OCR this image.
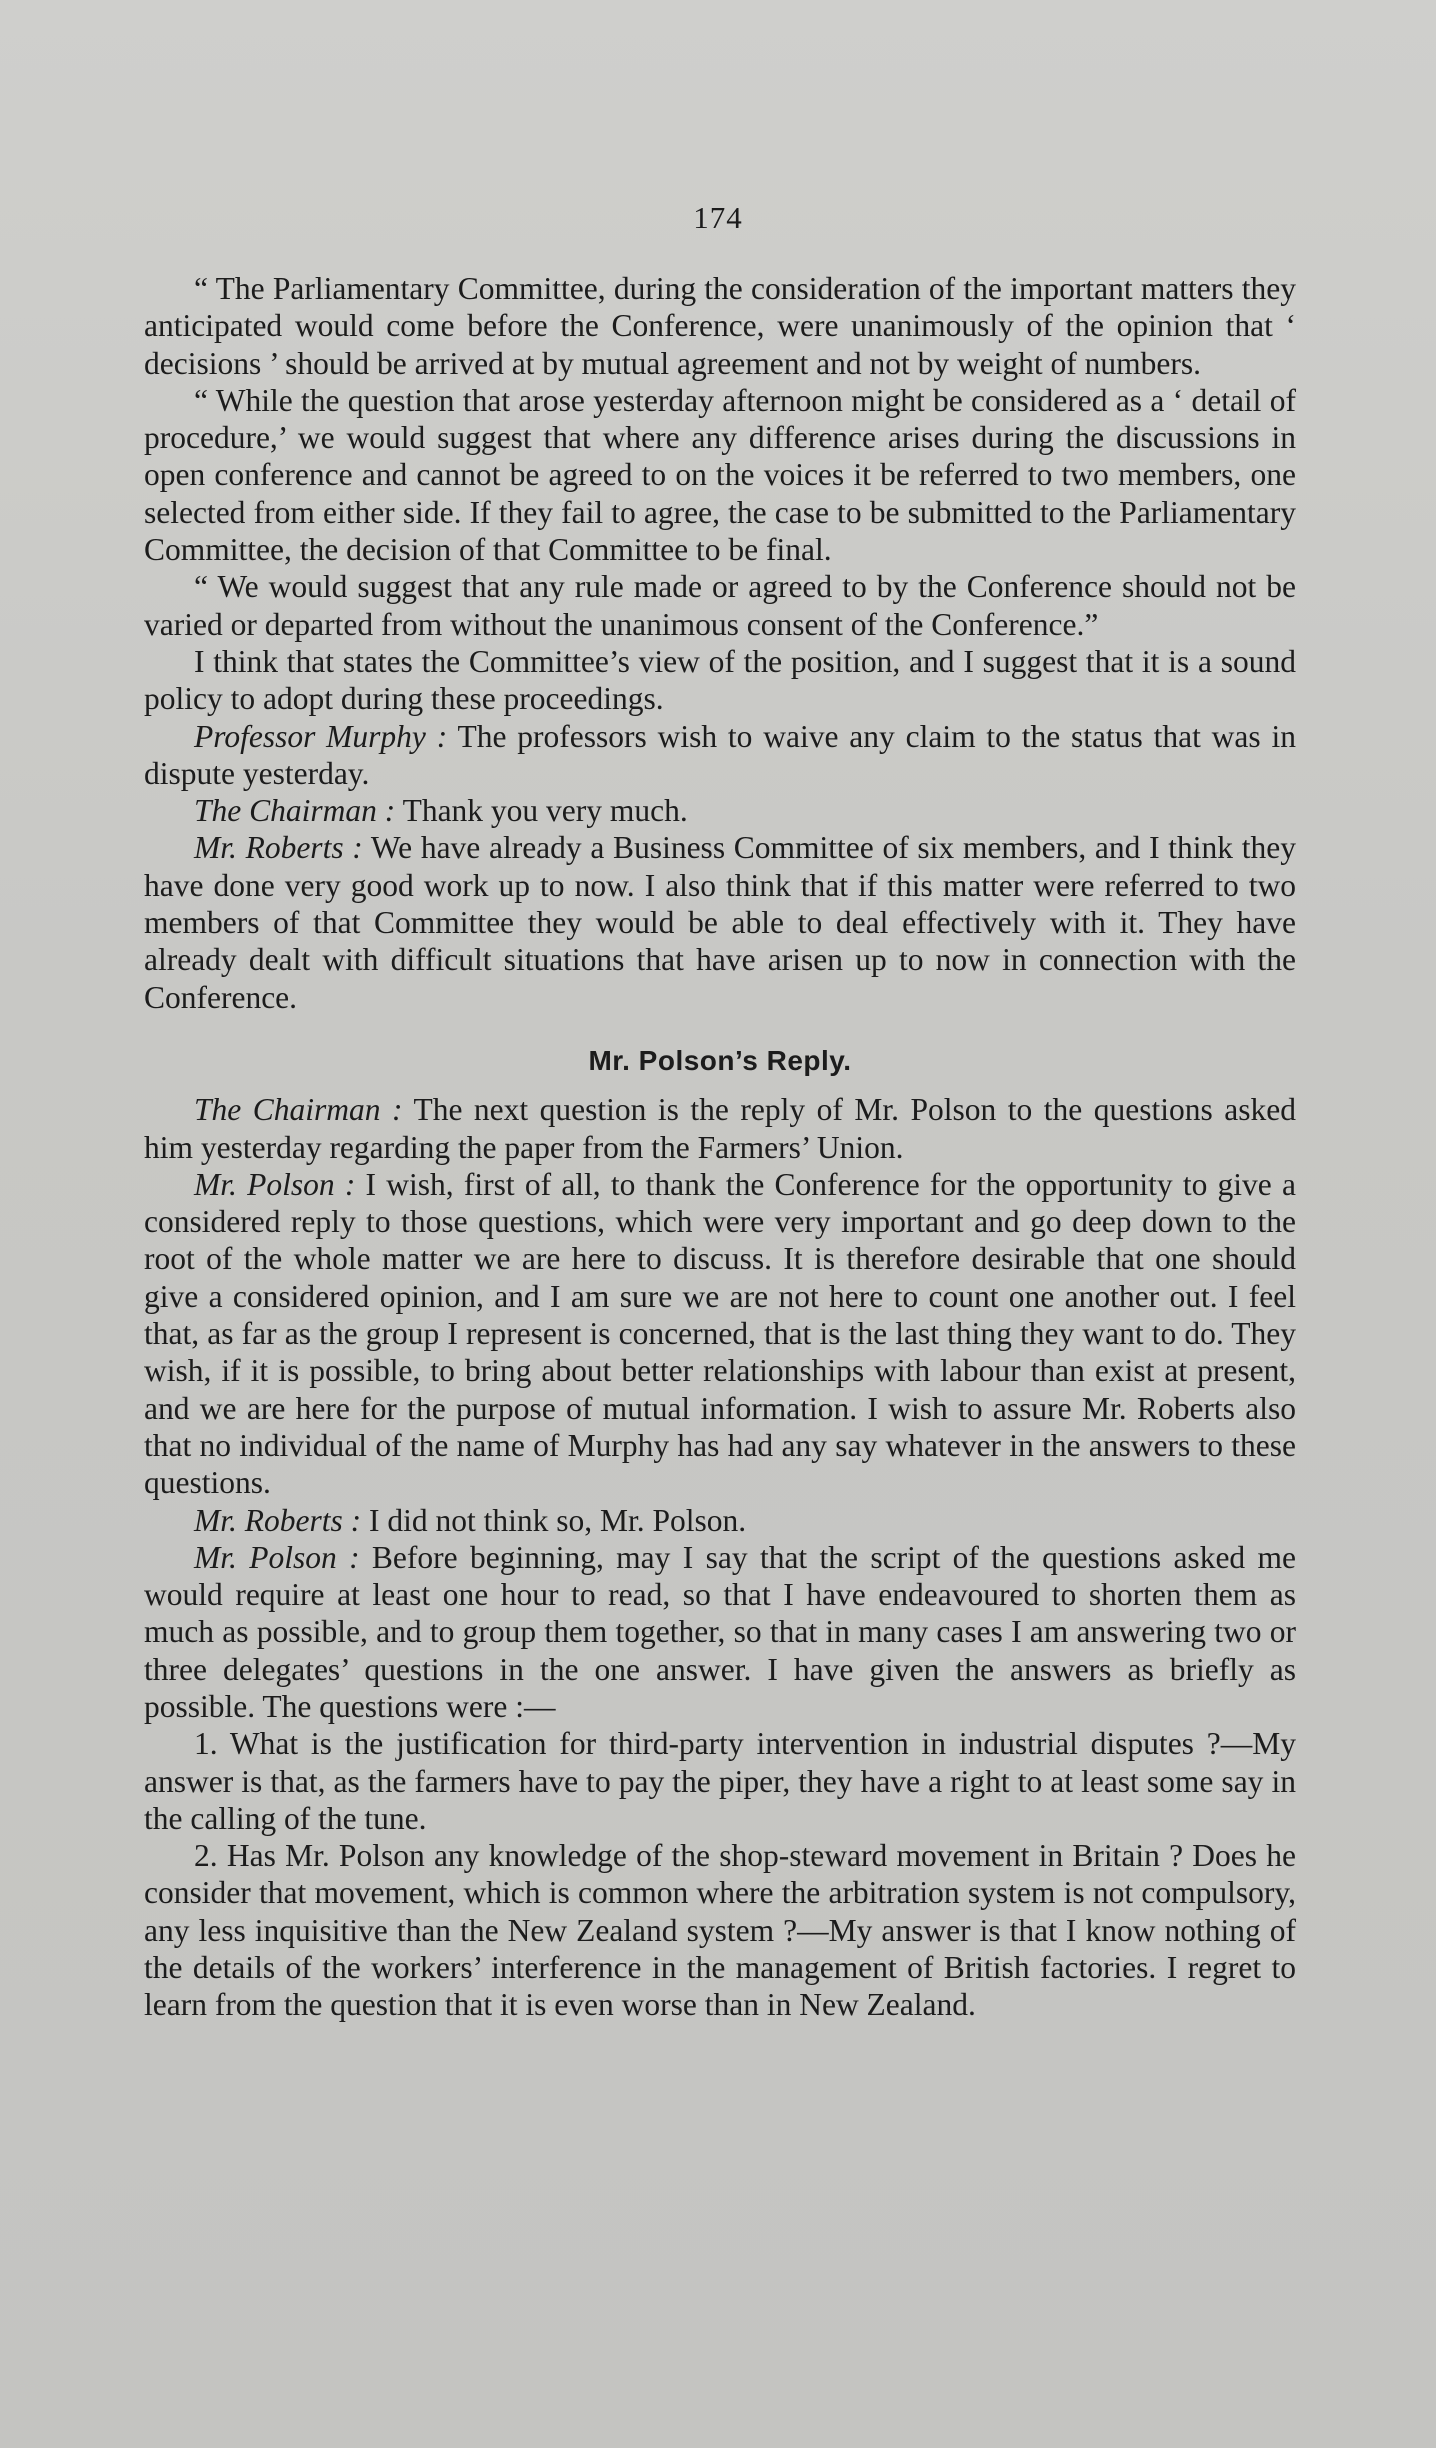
174

“ The Parliamentary Committee, during the consideration of the important matters they anticipated would come before the Conference, were unanimously of the opinion that ‘ decisions ’ should be arrived at by mutual agreement and not by weight of numbers.

“ While the question that arose yesterday afternoon might be considered as a ‘ detail of procedure,’ we would suggest that where any difference arises during the discussions in open conference and cannot be agreed to on the voices it be referred to two members, one selected from either side. If they fail to agree, the case to be submitted to the Parliamentary Committee, the decision of that Committee to be final.

“ We would suggest that any rule made or agreed to by the Conference should not be varied or departed from without the unanimous consent of the Conference.”

I think that states the Committee’s view of the position, and I suggest that it is a sound policy to adopt during these proceedings.

Professor Murphy : The professors wish to waive any claim to the status that was in dispute yesterday.

The Chairman : Thank you very much.

Mr. Roberts : We have already a Business Committee of six members, and I think they have done very good work up to now. I also think that if this matter were referred to two members of that Committee they would be able to deal effectively with it. They have already dealt with difficult situations that have arisen up to now in connection with the Conference.

Mr. Polson’s Reply.

The Chairman : The next question is the reply of Mr. Polson to the questions asked him yesterday regarding the paper from the Farmers’ Union.

Mr. Polson : I wish, first of all, to thank the Conference for the opportunity to give a considered reply to those questions, which were very important and go deep down to the root of the whole matter we are here to discuss. It is therefore desirable that one should give a considered opinion, and I am sure we are not here to count one another out. I feel that, as far as the group I represent is concerned, that is the last thing they want to do. They wish, if it is possible, to bring about better relationships with labour than exist at present, and we are here for the purpose of mutual information. I wish to assure Mr. Roberts also that no individual of the name of Murphy has had any say whatever in the answers to these questions.

Mr. Roberts : I did not think so, Mr. Polson.

Mr. Polson : Before beginning, may I say that the script of the questions asked me would require at least one hour to read, so that I have endeavoured to shorten them as much as possible, and to group them together, so that in many cases I am answering two or three delegates’ questions in the one answer. I have given the answers as briefly as possible. The questions were :—

1. What is the justification for third-party intervention in industrial disputes ?—My answer is that, as the farmers have to pay the piper, they have a right to at least some say in the calling of the tune.

2. Has Mr. Polson any knowledge of the shop-steward movement in Britain ? Does he consider that movement, which is common where the arbitration system is not compulsory, any less inquisitive than the New Zealand system ?—My answer is that I know nothing of the details of the workers’ interference in the management of British factories. I regret to learn from the question that it is even worse than in New Zealand.
